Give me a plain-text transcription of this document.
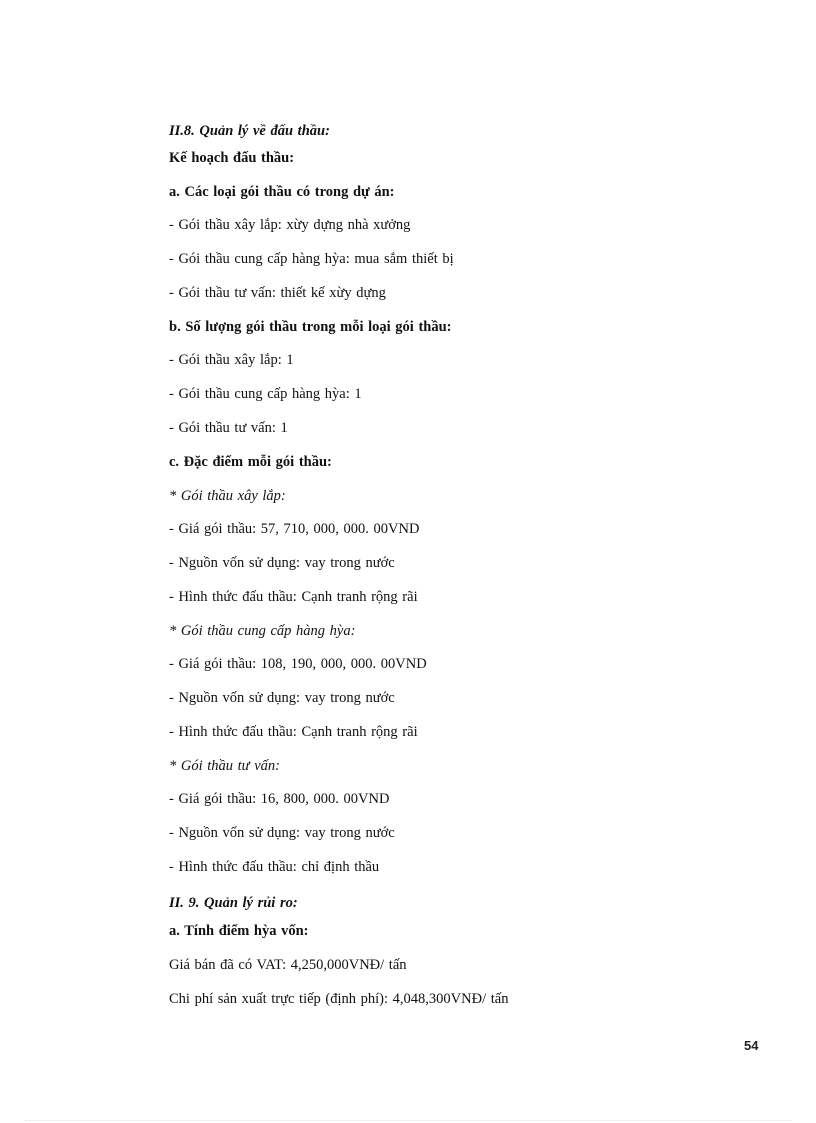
II.8. Quản lý về đấu thầu:
Kế hoạch đấu thầu:
a. Các loại gói thầu có trong dự án:
- Gói thầu xây lắp: xừy dựng nhà xưởng
- Gói thầu cung cấp hàng hỳa: mua sắm thiết bị
- Gói thầu tư vấn: thiết kế xừy dựng
b. Số lượng gói thầu trong mỗi loại gói thầu:
- Gói thầu xây lắp: 1
- Gói thầu cung cấp hàng hỳa: 1
- Gói thầu tư vấn: 1
c. Đặc điểm mỗi gói thầu:
* Gói thầu xây lắp:
- Giá gói thầu: 57, 710, 000, 000. 00VND
- Nguồn vốn sử dụng: vay trong nước
- Hình thức đấu thầu: Cạnh tranh rộng rãi
* Gói thầu cung cấp hàng hỳa:
- Giá gói thầu: 108, 190, 000, 000. 00VND
- Nguồn vốn sử dụng: vay trong nước
- Hình thức đấu thầu: Cạnh tranh rộng rãi
* Gói thầu tư vấn:
- Giá gói thầu: 16, 800, 000. 00VND
- Nguồn vốn sử dụng: vay trong nước
- Hình thức đấu thầu: chỉ định thầu
II. 9. Quản lý rủi ro:
a. Tính điểm hỳa vốn:
Giá bán đã có VAT: 4,250,000VNĐ/ tấn
Chi phí sản xuất trực tiếp (định phí): 4,048,300VNĐ/ tấn
54
